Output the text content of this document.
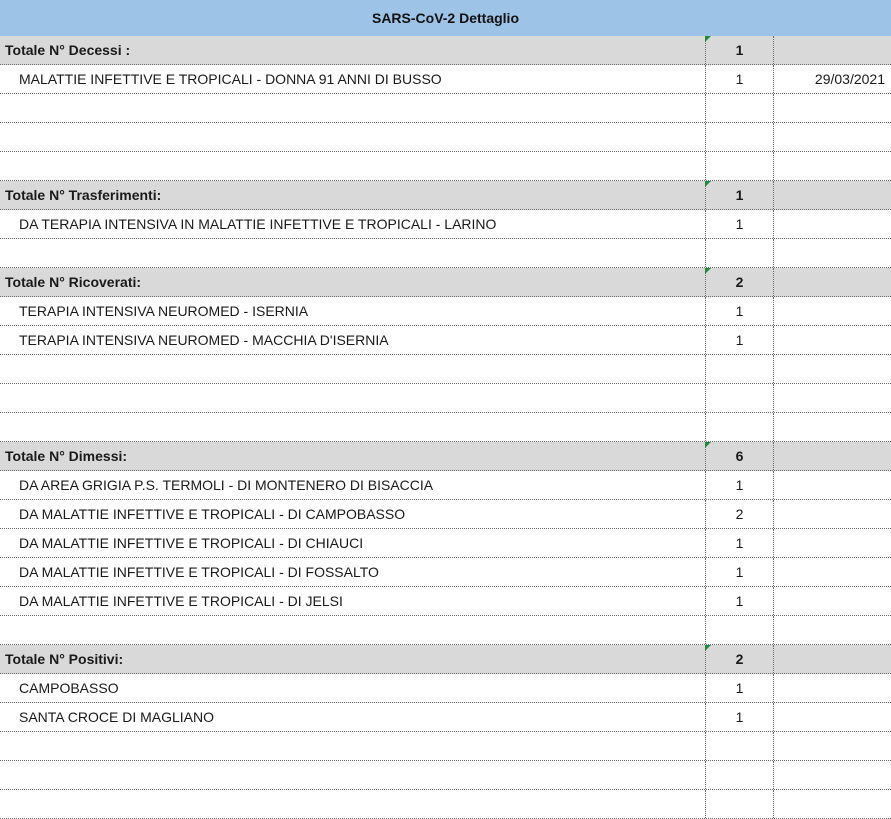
SARS-CoV-2 Dettaglio
Totale N° Decessi :	1
MALATTIE INFETTIVE E TROPICALI - DONNA 91 ANNI DI BUSSO	1	29/03/2021
Totale N° Trasferimenti:	1
DA TERAPIA INTENSIVA IN MALATTIE INFETTIVE E TROPICALI - LARINO	1
Totale N° Ricoverati:	2
TERAPIA INTENSIVA NEUROMED - ISERNIA	1
TERAPIA INTENSIVA NEUROMED - MACCHIA D'ISERNIA	1
Totale N° Dimessi:	6
DA AREA GRIGIA P.S. TERMOLI - DI MONTENERO DI BISACCIA	1
DA MALATTIE INFETTIVE E TROPICALI - DI CAMPOBASSO	2
DA MALATTIE INFETTIVE E TROPICALI - DI CHIAUCI	1
DA MALATTIE INFETTIVE E TROPICALI - DI FOSSALTO	1
DA MALATTIE INFETTIVE E TROPICALI - DI JELSI	1
Totale N° Positivi:	2
CAMPOBASSO	1
SANTA CROCE DI MAGLIANO	1
